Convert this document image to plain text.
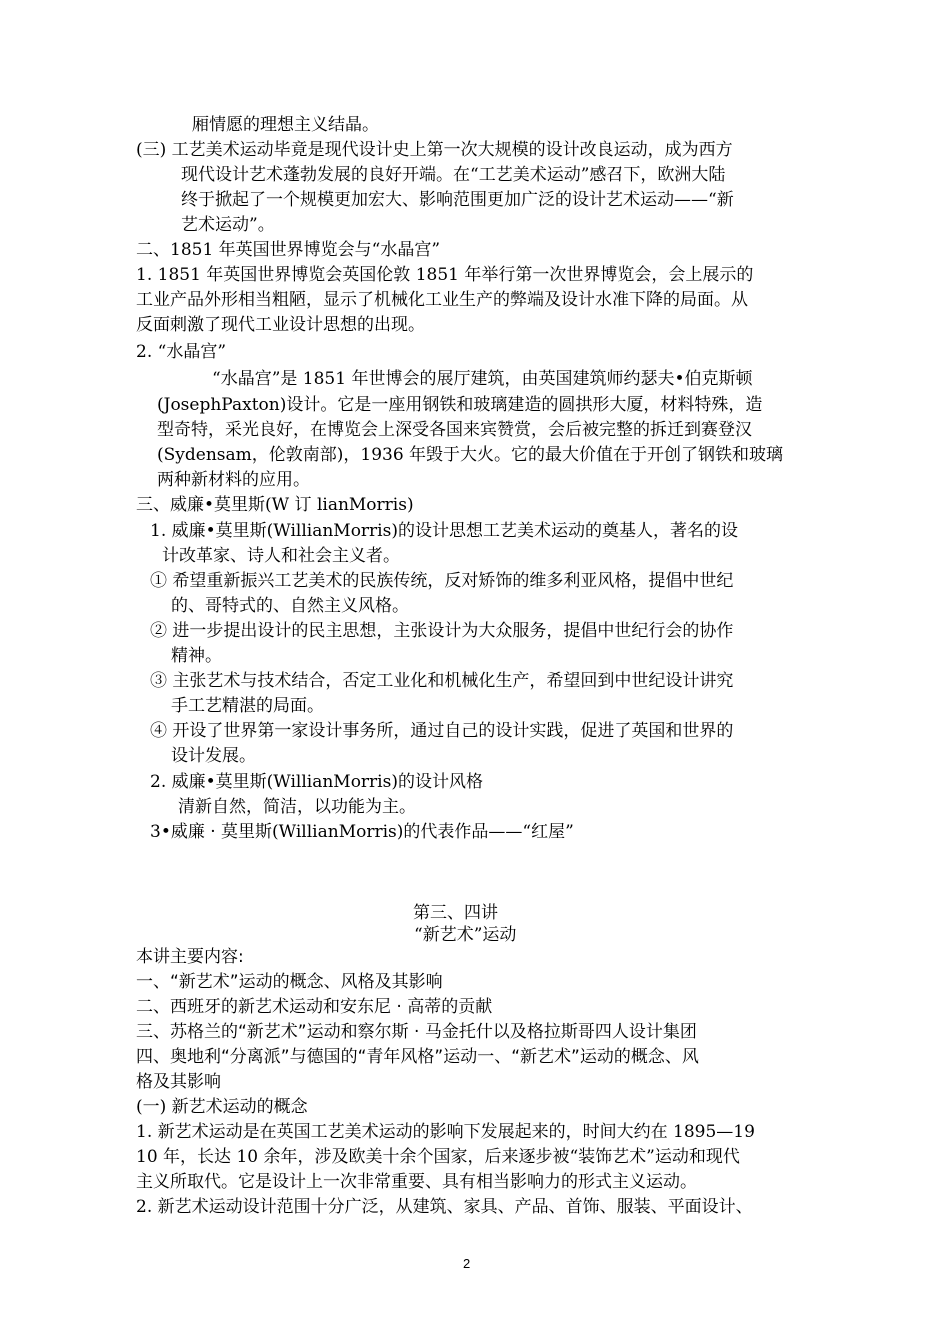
厢情愿的理想主义结晶。
(三) 工艺美术运动毕竟是现代设计史上第一次大规模的设计改良运动，成为西方
现代设计艺术蓬勃发展的良好开端。在“工艺美术运动”感召下，欧洲大陆
终于掀起了一个规模更加宏大、影响范围更加广泛的设计艺术运动——“新
艺术运动”。
二、1851 年英国世界博览会与“水晶宫”
1. 1851 年英国世界博览会英国伦敦 1851 年举行第一次世界博览会，会上展示的
工业产品外形相当粗陋，显示了机械化工业生产的弊端及设计水准下降的局面。从
反面刺激了现代工业设计思想的出现。
2. “水晶宫”
“水晶宫”是 1851 年世博会的展厅建筑，由英国建筑师约瑟夫•伯克斯顿
(JosephPaxton)设计。它是一座用钢铁和玻璃建造的圆拱形大厦，材料特殊，造
型奇特，采光良好，在博览会上深受各国来宾赞赏，会后被完整的拆迁到赛登汉
(Sydensam，伦敦南部)，1936 年毁于大火。它的最大价值在于开创了钢铁和玻璃
两种新材料的应用。
三、威廉•莫里斯(W 订 lianMorris)
1. 威廉•莫里斯(WillianMorris)的设计思想工艺美术运动的奠基人，著名的设
计改革家、诗人和社会主义者。
① 希望重新振兴工艺美术的民族传统，反对矫饰的维多利亚风格，提倡中世纪
的、哥特式的、自然主义风格。
② 进一步提出设计的民主思想，主张设计为大众服务，提倡中世纪行会的协作
精神。
③ 主张艺术与技术结合，否定工业化和机械化生产，希望回到中世纪设计讲究
手工艺精湛的局面。
④ 开设了世界第一家设计事务所，通过自己的设计实践，促进了英国和世界的
设计发展。
2. 威廉•莫里斯(WillianMorris)的设计风格
清新自然，简洁，以功能为主。
3•威廉 · 莫里斯(WillianMorris)的代表作品——“红屋”
第三、四讲
“新艺术”运动
本讲主要内容:
一、“新艺术”运动的概念、风格及其影响
二、西班牙的新艺术运动和安东尼 · 高蒂的贡献
三、苏格兰的“新艺术”运动和察尔斯 · 马金托什以及格拉斯哥四人设计集团
四、奥地利“分离派”与德国的“青年风格”运动一、“新艺术”运动的概念、风
格及其影响
(一) 新艺术运动的概念
1. 新艺术运动是在英国工艺美术运动的影响下发展起来的，时间大约在 1895—19
10 年，长达 10 余年，涉及欧美十余个国家，后来逐步被“装饰艺术”运动和现代
主义所取代。它是设计上一次非常重要、具有相当影响力的形式主义运动。
2. 新艺术运动设计范围十分广泛，从建筑、家具、产品、首饰、服装、平面设计、
2
